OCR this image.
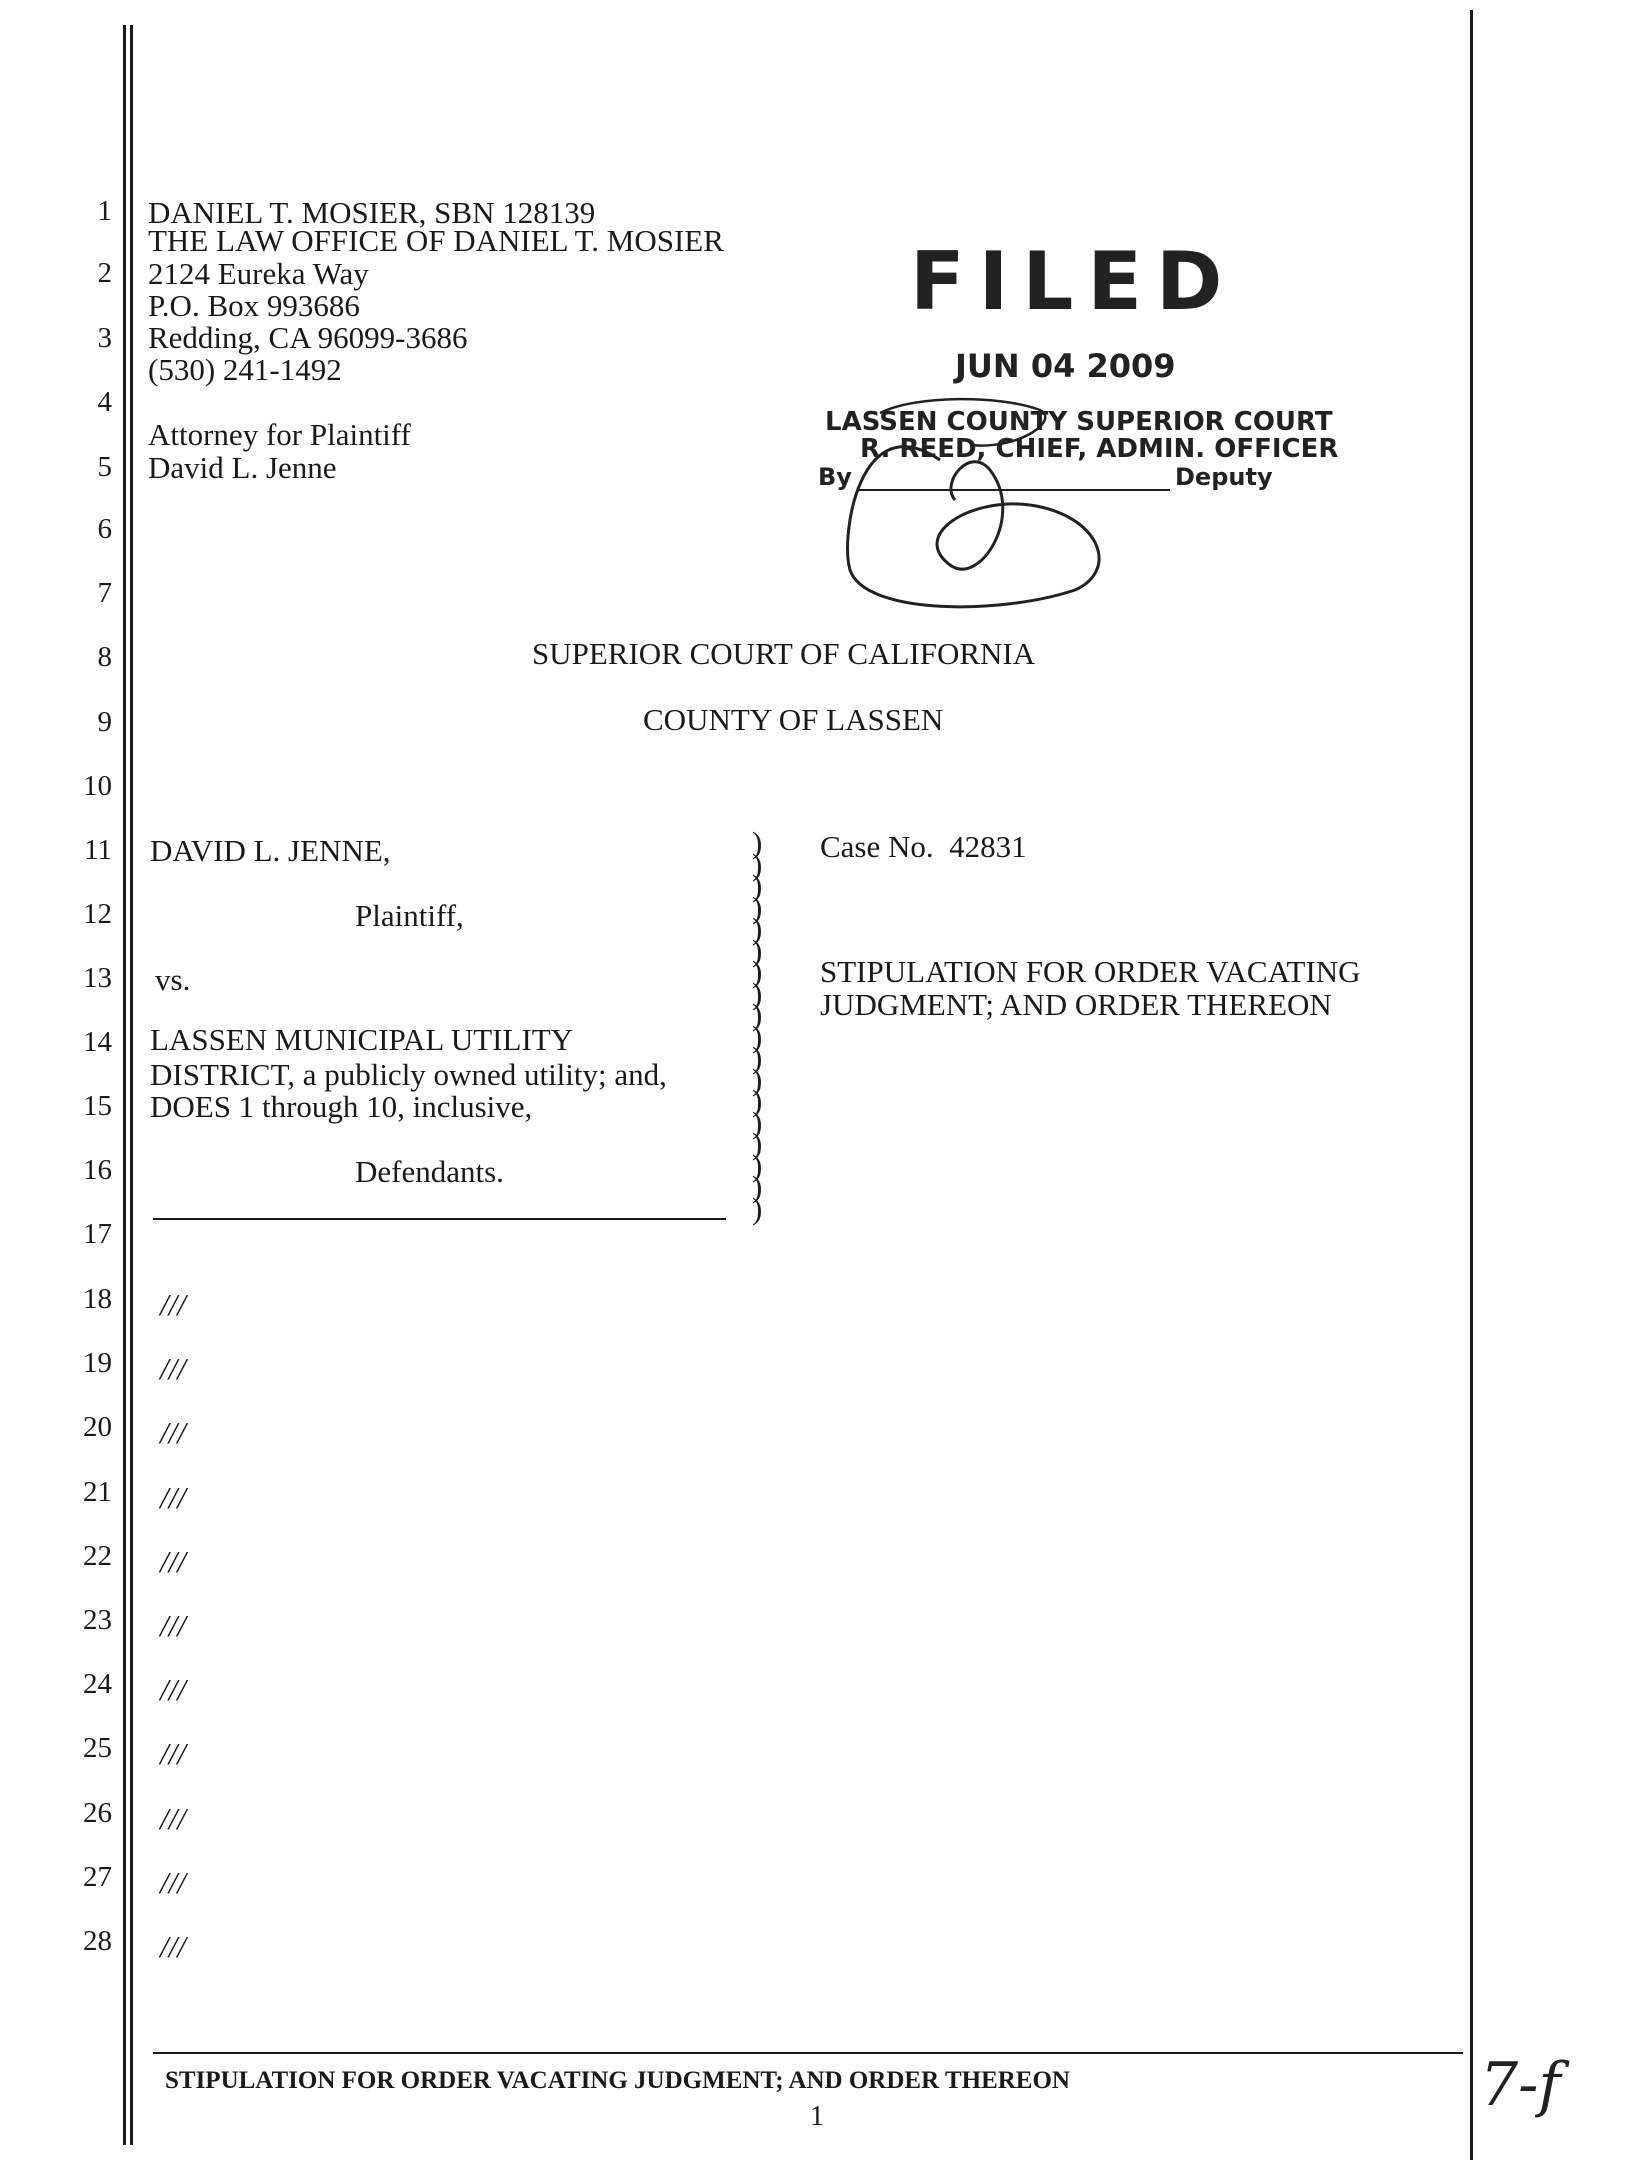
1
2
3
4
5
6
7
8
9
10
11
12
13
14
15
16
17
18
19
20
21
22
23
24
25
26
27
28
DANIEL T. MOSIER, SBN 128139
THE LAW OFFICE OF DANIEL T. MOSIER
2124 Eureka Way
P.O. Box 993686
Redding, CA 96099-3686
(530) 241-1492
Attorney for Plaintiff
David L. Jenne
FILED
JUN 04 2009
LASSEN COUNTY SUPERIOR COURT
R. REED, CHIEF, ADMIN. OFFICER
By	Deputy
SUPERIOR COURT OF CALIFORNIA
COUNTY OF LASSEN
DAVID L. JENNE,
Plaintiff,
vs.
LASSEN MUNICIPAL UTILITY
DISTRICT, a publicly owned utility; and,
DOES 1 through 10, inclusive,
Defendants.
)
)
)
)
)
)
)
)
)
)
)
)
)
)
)
)
)
)
Case No. 42831
STIPULATION FOR ORDER VACATING
JUDGMENT; AND ORDER THEREON
///
///
///
///
///
///
///
///
///
///
///
STIPULATION FOR ORDER VACATING JUDGMENT; AND ORDER THEREON
1	7-f
